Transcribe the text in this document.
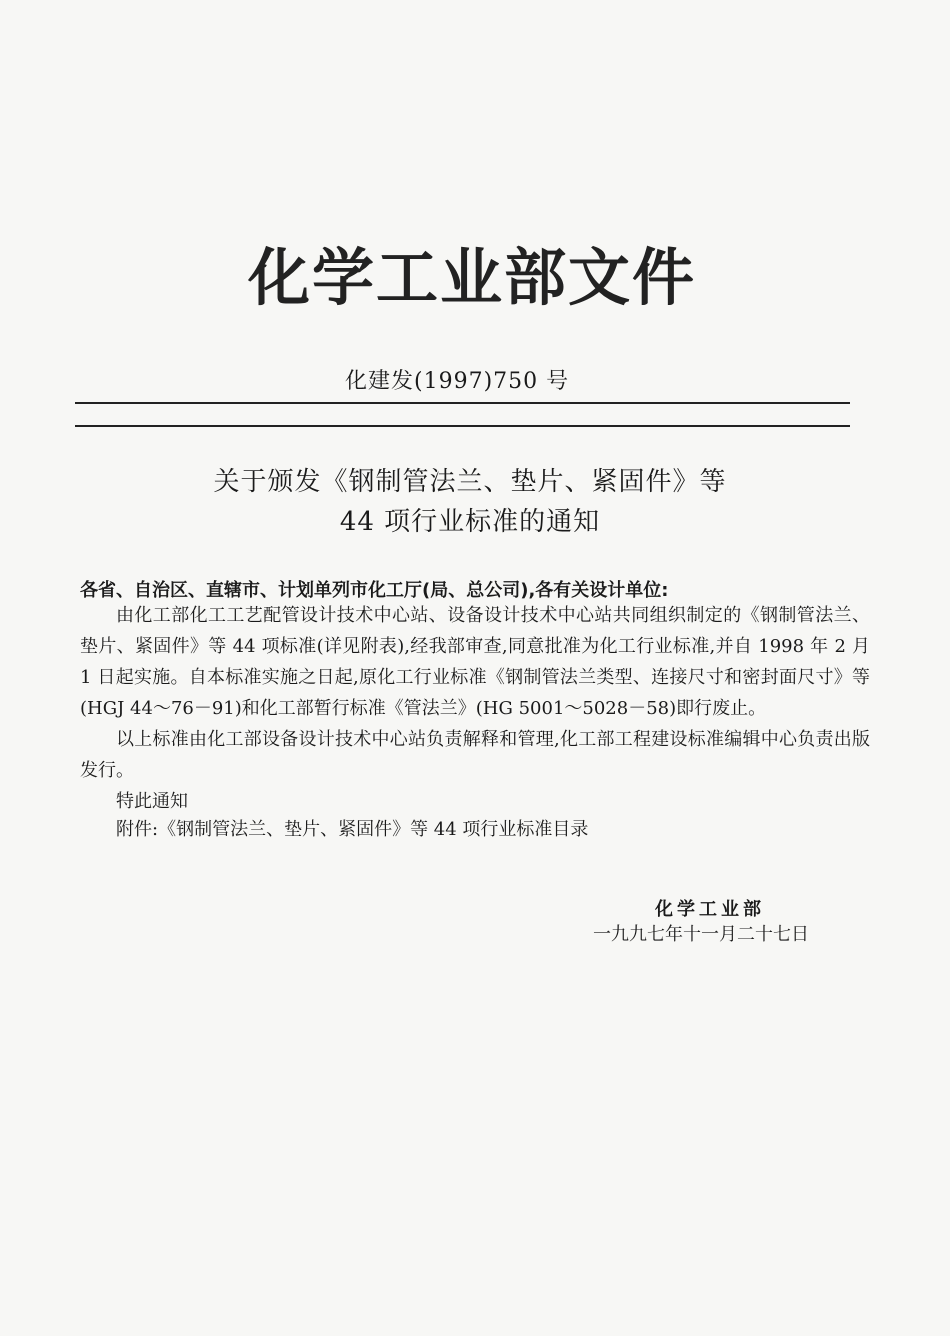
化学工业部文件
化建发(1997)750 号
关于颁发《钢制管法兰、垫片、紧固件》等
44 项行业标准的通知
各省、自治区、直辖市、计划单列市化工厅(局、总公司),各有关设计单位:

由化工部化工工艺配管设计技术中心站、设备设计技术中心站共同组织制定的《钢制管法兰、垫片、紧固件》等 44 项标准(详见附表),经我部审查,同意批准为化工行业标准,并自 1998 年 2 月 1 日起实施。自本标准实施之日起,原化工行业标准《钢制管法兰类型、连接尺寸和密封面尺寸》等(HGJ 44～76－91)和化工部暂行标准《管法兰》(HG 5001～5028－58)即行废止。

以上标准由化工部设备设计技术中心站负责解释和管理,化工部工程建设标准编辑中心负责出版发行。

特此通知
附件:《钢制管法兰、垫片、紧固件》等 44 项行业标准目录
化学工业部
一九九七年十一月二十七日
